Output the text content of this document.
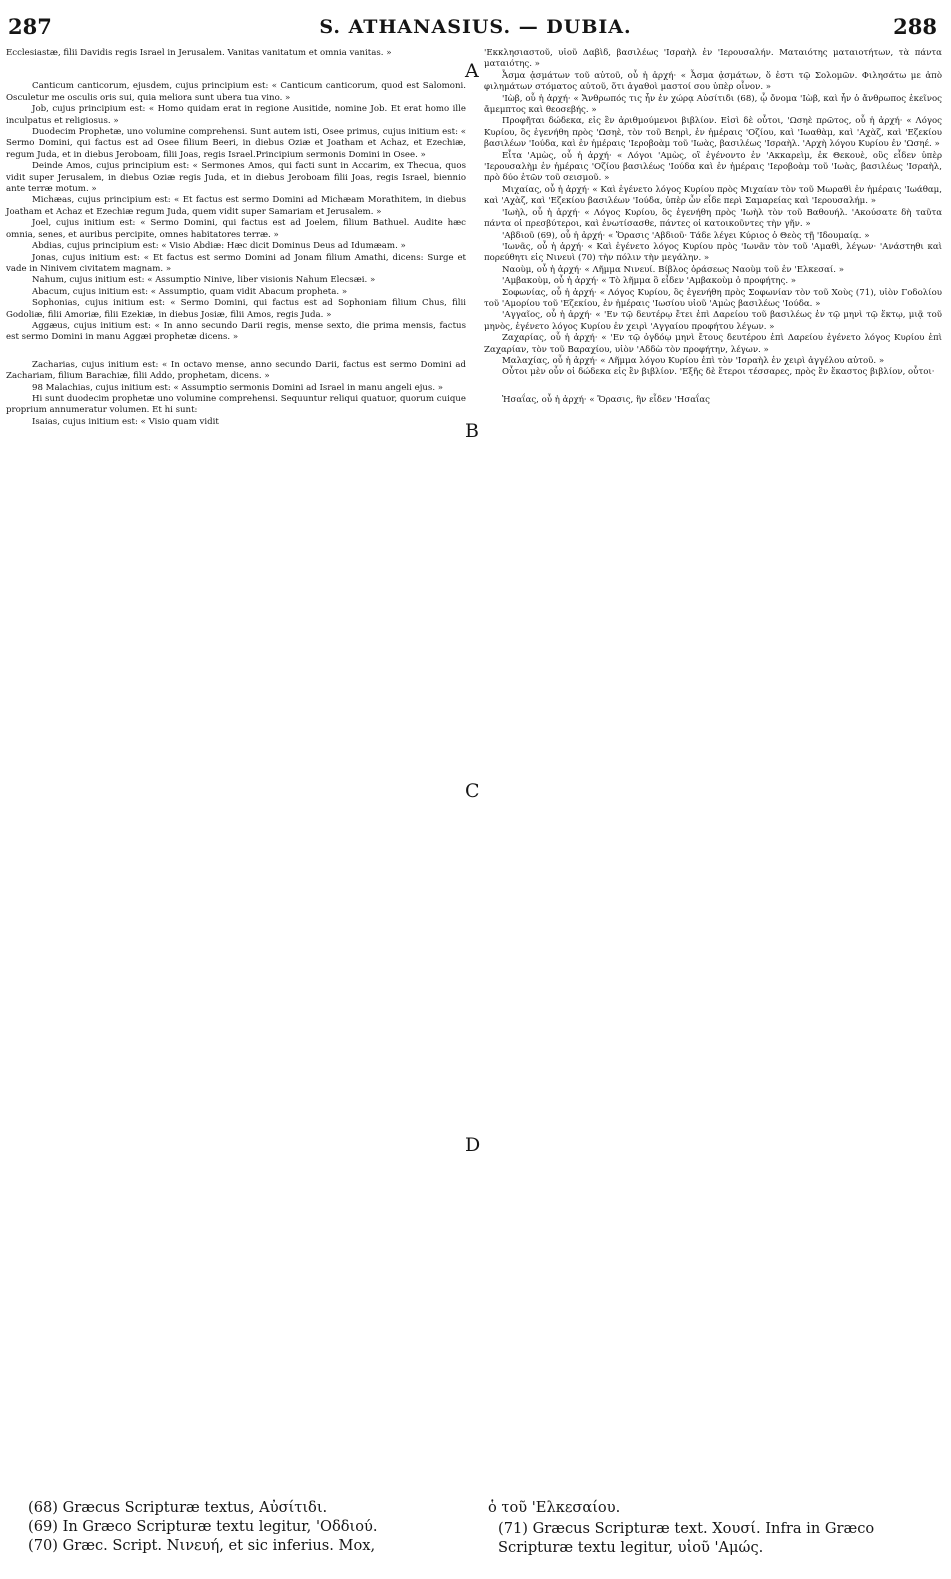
287	S. ATHANASIUS. — DUBIA.	288

Ecclesiastæ, filii Davidis regis Israel in Jerusalem. Vanitas vanitatum et omnia vanitas. »

Canticum canticorum, ejusdem, cujus principium est: « Canticum canticorum, quod est Salomoni. Osculetur me osculis oris sui, quia meliora sunt ubera tua vino. »

Job, cujus principium est: « Homo quidam erat in regione Ausitide, nomine Job. Et erat homo ille inculpatus et religiosus. »

Duodecim Prophetæ, uno volumine comprehensi. Sunt autem isti, Osee primus, cujus initium est: « Sermo Domini, qui factus est ad Osee filium Beeri, in diebus Oziæ et Joatham et Achaz, et Ezechiæ, regum Juda, et in diebus Jeroboam, filii Joas, regis Israel.Principium sermonis Domini in Osee. »

Deinde Amos, cujus principium est: « Sermones Amos, qui facti sunt in Accarim, ex Thecua, quos vidit super Jerusalem, in diebus Oziæ regis Juda, et in diebus Jeroboam filii Joas, regis Israel, biennio ante terræ motum. »

Michæas, cujus principium est: « Et factus est sermo Domini ad Michæam Morathitem, in diebus Joatham et Achaz et Ezechiæ regum Juda, quem vidit super Samariam et Jerusalem. »

Joel, cujus initium est: « Sermo Domini, qui factus est ad Joelem, filium Bathuel. Audite hæc omnia, senes, et auribus percipite, omnes habitatores terræ. »

Abdias, cujus principium est: « Visio Abdiæ: Hæc dicit Dominus Deus ad Idumæam. »

Jonas, cujus initium est: « Et factus est sermo Domini ad Jonam filium Amathi, dicens: Surge et vade in Ninivem civitatem magnam. »

Nahum, cujus initium est: « Assumptio Ninive, liber visionis Nahum Elecsæi. »

Abacum, cujus initium est: « Assumptio, quam vidit Abacum propheta. »

Sophonias, cujus initium est: « Sermo Domini, qui factus est ad Sophoniam filium Chus, filii Godoliæ, filii Amoriæ, filii Ezekiæ, in diebus Josiæ, filii Amos, regis Juda. »

Aggæus, cujus initium est: « In anno secundo Darii regis, mense sexto, die prima mensis, factus est sermo Domini in manu Aggæi prophetæ dicens. »

Zacharias, cujus initium est: « In octavo mense, anno secundo Darii, factus est sermo Domini ad Zachariam, filium Barachiæ, filii Addo, prophetam, dicens. »

98 Malachias, cujus initium est: « Assumptio sermonis Domini ad Israel in manu angeli ejus. »

Hi sunt duodecim prophetæ uno volumine comprehensi. Sequuntur reliqui quatuor, quorum cuique proprium annumeratur volumen. Et hi sunt:

Isaias, cujus initium est: « Visio quam vidit

A
B
C
D

'Εκκλησιαστοῦ, υἱοῦ Δαβὶδ, βασιλέως 'Ισραὴλ ἐν 'Ιερουσαλήν. Ματαιότης ματαιοτήτων, τὰ πάντα ματαιότης. »

Ἆσμα ᾀσμάτων τοῦ αὐτοῦ, οὗ ἡ ἀρχή· « Ἆσμα ᾀσμάτων, ὅ ἐστι τῷ Σολομῶν. Φιλησάτω με ἀπὸ φιλημάτων στόματος αὐτοῦ, ὅτι ἀγαθοὶ μαστοί σου ὑπὲρ οἶνον. »

'Ιὼβ, οὗ ἡ ἀρχή· « Ἄνθρωπός τις ἦν ἐν χώρᾳ Αὐσίτιδι (68), ᾧ ὄνομα 'Ιὼβ, καὶ ἦν ὁ ἄνθρωπος ἐκεῖνος ἄμεμπτος καὶ θεοσεβής. »

Προφῆται δώδεκα, εἰς ἓν ἀριθμούμενοι βιβλίον. Εἰσὶ δὲ οὗτοι, 'Ωσηὲ πρῶτος, οὗ ἡ ἀρχή· « Λόγος Κυρίου, ὃς ἐγενήθη πρὸς 'Ωσηὲ, τὸν τοῦ Βεηρὶ, ἐν ἡμέραις 'Οζίου, καὶ 'Ιωαθὰμ, καὶ 'Αχὰζ, καὶ 'Εζεκίου βασιλέων 'Ιούδα, καὶ ἐν ἡμέραις 'Ιεροβοὰμ τοῦ 'Ιωὰς, βασιλέως 'Ισραὴλ. 'Αρχὴ λόγου Κυρίου ἐν 'Ωσηέ. »

Εἶτα 'Αμὼς, οὗ ἡ ἀρχή· « Λόγοι 'Αμὼς, οἳ ἐγένοντο ἐν 'Ακκαρεὶμ, ἐκ Θεκουὲ, οὓς εἶδεν ὑπὲρ 'Ιερουσαλὴμ ἐν ἡμέραις 'Οζίου βασιλέως 'Ιούδα καὶ ἐν ἡμέραις 'Ιεροβοὰμ τοῦ 'Ιωὰς, βασιλέως 'Ισραὴλ, πρὸ δύο ἐτῶν τοῦ σεισμοῦ. »

Μιχαίας, οὗ ἡ ἀρχή· « Καὶ ἐγένετο λόγος Κυρίου πρὸς Μιχαίαν τὸν τοῦ Μωραθὶ ἐν ἡμέραις 'Ιωάθαμ, καὶ 'Αχὰζ, καὶ 'Εζεκίου βασιλέων 'Ιούδα, ὑπὲρ ὧν εἶδε περὶ Σαμαρείας καὶ 'Ιερουσαλήμ. »

'Ιωὴλ, οὗ ἡ ἀρχή· « Λόγος Κυρίου, ὃς ἐγενήθη πρὸς 'Ιωὴλ τὸν τοῦ Βαθουήλ. 'Ακούσατε δὴ ταῦτα πάντα οἱ πρεσβύτεροι, καὶ ἐνωτίσασθε, πάντες οἱ κατοικοῦντες τὴν γῆν. »

'Αβδιοῦ (69), οὗ ἡ ἀρχή· « Ὅρασις 'Αβδιοῦ· Τάδε λέγει Κύριος ὁ Θεὸς τῇ 'Ιδουμαίᾳ. »

'Ιωνᾶς, οὗ ἡ ἀρχή· « Καὶ ἐγένετο λόγος Κυρίου πρὸς 'Ιωνᾶν τὸν τοῦ 'Αμαθὶ, λέγων· 'Ανάστηθι καὶ πορεύθητι εἰς Νινευὶ (70) τὴν πόλιν τὴν μεγάλην. »

Ναοὺμ, οὗ ἡ ἀρχή· « Λῆμμα Νινευί. Βίβλος ὁράσεως Ναοὺμ τοῦ ἐν 'Ελκεσαί. »

'Αμβακοὺμ, οὗ ἡ ἀρχή· « Τὸ λῆμμα ὃ εἶδεν 'Αμβακοὺμ ὁ προφήτης. »

Σοφωνίας, οὗ ἡ ἀρχή· « Λόγος Κυρίου, ὃς ἐγενήθη πρὸς Σοφωνίαν τὸν τοῦ Χοὺς (71), υἱὸν Γοδολίου τοῦ 'Αμορίου τοῦ 'Εζεκίου, ἐν ἡμέραις 'Ιωσίου υἱοῦ 'Αμὼς βασιλέως 'Ιούδα. »

'Αγγαῖος, οὗ ἡ ἀρχή· « 'Εν τῷ δευτέρῳ ἔτει ἐπὶ Δαρείου τοῦ βασιλέως ἐν τῷ μηνὶ τῷ ἕκτῳ, μιᾷ τοῦ μηνὸς, ἐγένετο λόγος Κυρίου ἐν χειρὶ 'Αγγαίου προφήτου λέγων. »

Ζαχαρίας, οὗ ἡ ἀρχή· « 'Εν τῷ ὀγδόῳ μηνὶ ἔτους δευτέρου ἐπὶ Δαρείου ἐγένετο λόγος Κυρίου ἐπὶ Ζαχαρίαν, τὸν τοῦ Βαραχίου, υἱὸν 'Αδδὼ τὸν προφήτην, λέγων. »

Μαλαχίας, οὗ ἡ ἀρχή· « Λῆμμα λόγου Κυρίου ἐπὶ τὸν 'Ισραὴλ ἐν χειρὶ ἀγγέλου αὐτοῦ. »

Οὗτοι μὲν οὖν οἱ δώδεκα εἰς ἓν βιβλίον. 'Εξῆς δὲ ἕτεροι τέσσαρες, πρὸς ἓν ἕκαστος βιβλίον, οὗτοι·

Ἡσαΐας, οὗ ἡ ἀρχή· « Ὅρασις, ἣν εἶδεν 'Ησαΐας

(68) Græcus Scripturæ textus, Αὐσίτιδι.
(69) In Græco Scripturæ textu legitur, 'Οδδιού.
(70) Græc. Script. Νινευή, et sic inferius. Mox,
ὁ τοῦ 'Ελκεσαίου.
(71) Græcus Scripturæ text. Χουσί. Infra in Græco Scripturæ textu legitur, υἱοῦ 'Αμώς.
